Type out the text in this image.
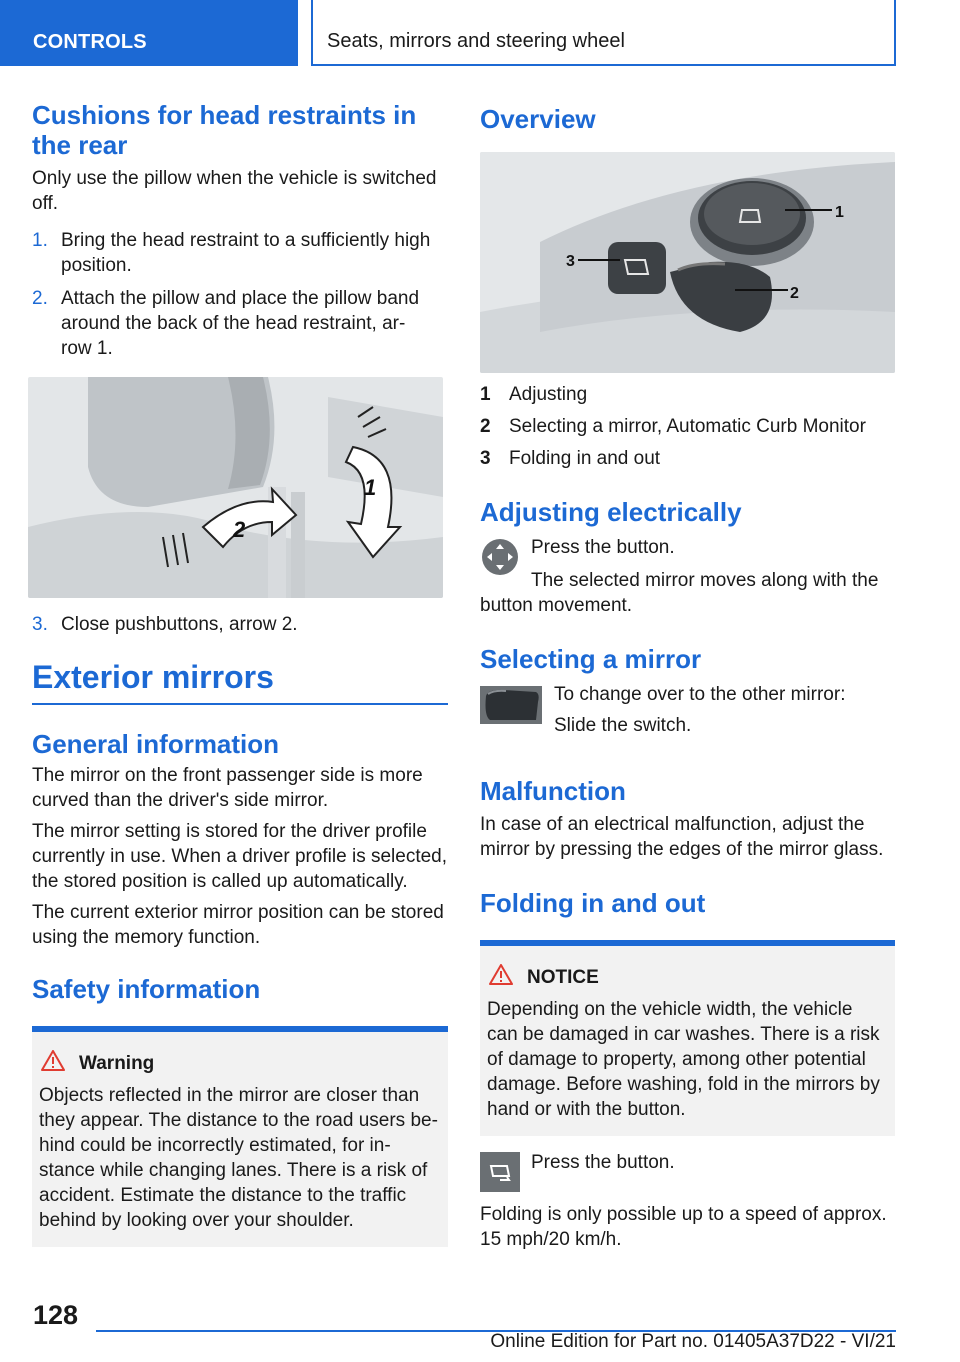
CONTROLS	Seats, mirrors and steering wheel
Cushions for head restraints in the rear

Only use the pillow when the vehicle is switched off.

1. Bring the head restraint to a sufficiently high position.
2. Attach the pillow and place the pillow band around the back of the head restraint, ar‐ row 1.
1
2
3. Close pushbuttons, arrow 2.
Exterior mirrors
General information

The mirror on the front passenger side is more curved than the driver's side mirror.

The mirror setting is stored for the driver profile currently in use. When a driver profile is selected, the stored position is called up automatically.

The current exterior mirror position can be stored using the memory function.

Safety information
Warning

Objects reflected in the mirror are closer than they appear. The distance to the road users be‐ hind could be incorrectly estimated, for in‐ stance while changing lanes. There is a risk of accident. Estimate the distance to the traffic behind by looking over your shoulder.

Overview
1
2
3
1 Adjusting
2 Selecting a mirror, Automatic Curb Monitor
3 Folding in and out
Adjusting electrically

Press the button.

The selected mirror moves along with the button movement.

Selecting a mirror

To change over to the other mirror:

Slide the switch.

Malfunction

In case of an electrical malfunction, adjust the mirror by pressing the edges of the mirror glass.

Folding in and out
NOTICE

Depending on the vehicle width, the vehicle can be damaged in car washes. There is a risk of damage to property, among other potential damage. Before washing, fold in the mirrors by hand or with the button.

Press the button.

Folding is only possible up to a speed of approx. 15 mph/20 km/h.

128
Online Edition for Part no. 01405A37D22 - VI/21
